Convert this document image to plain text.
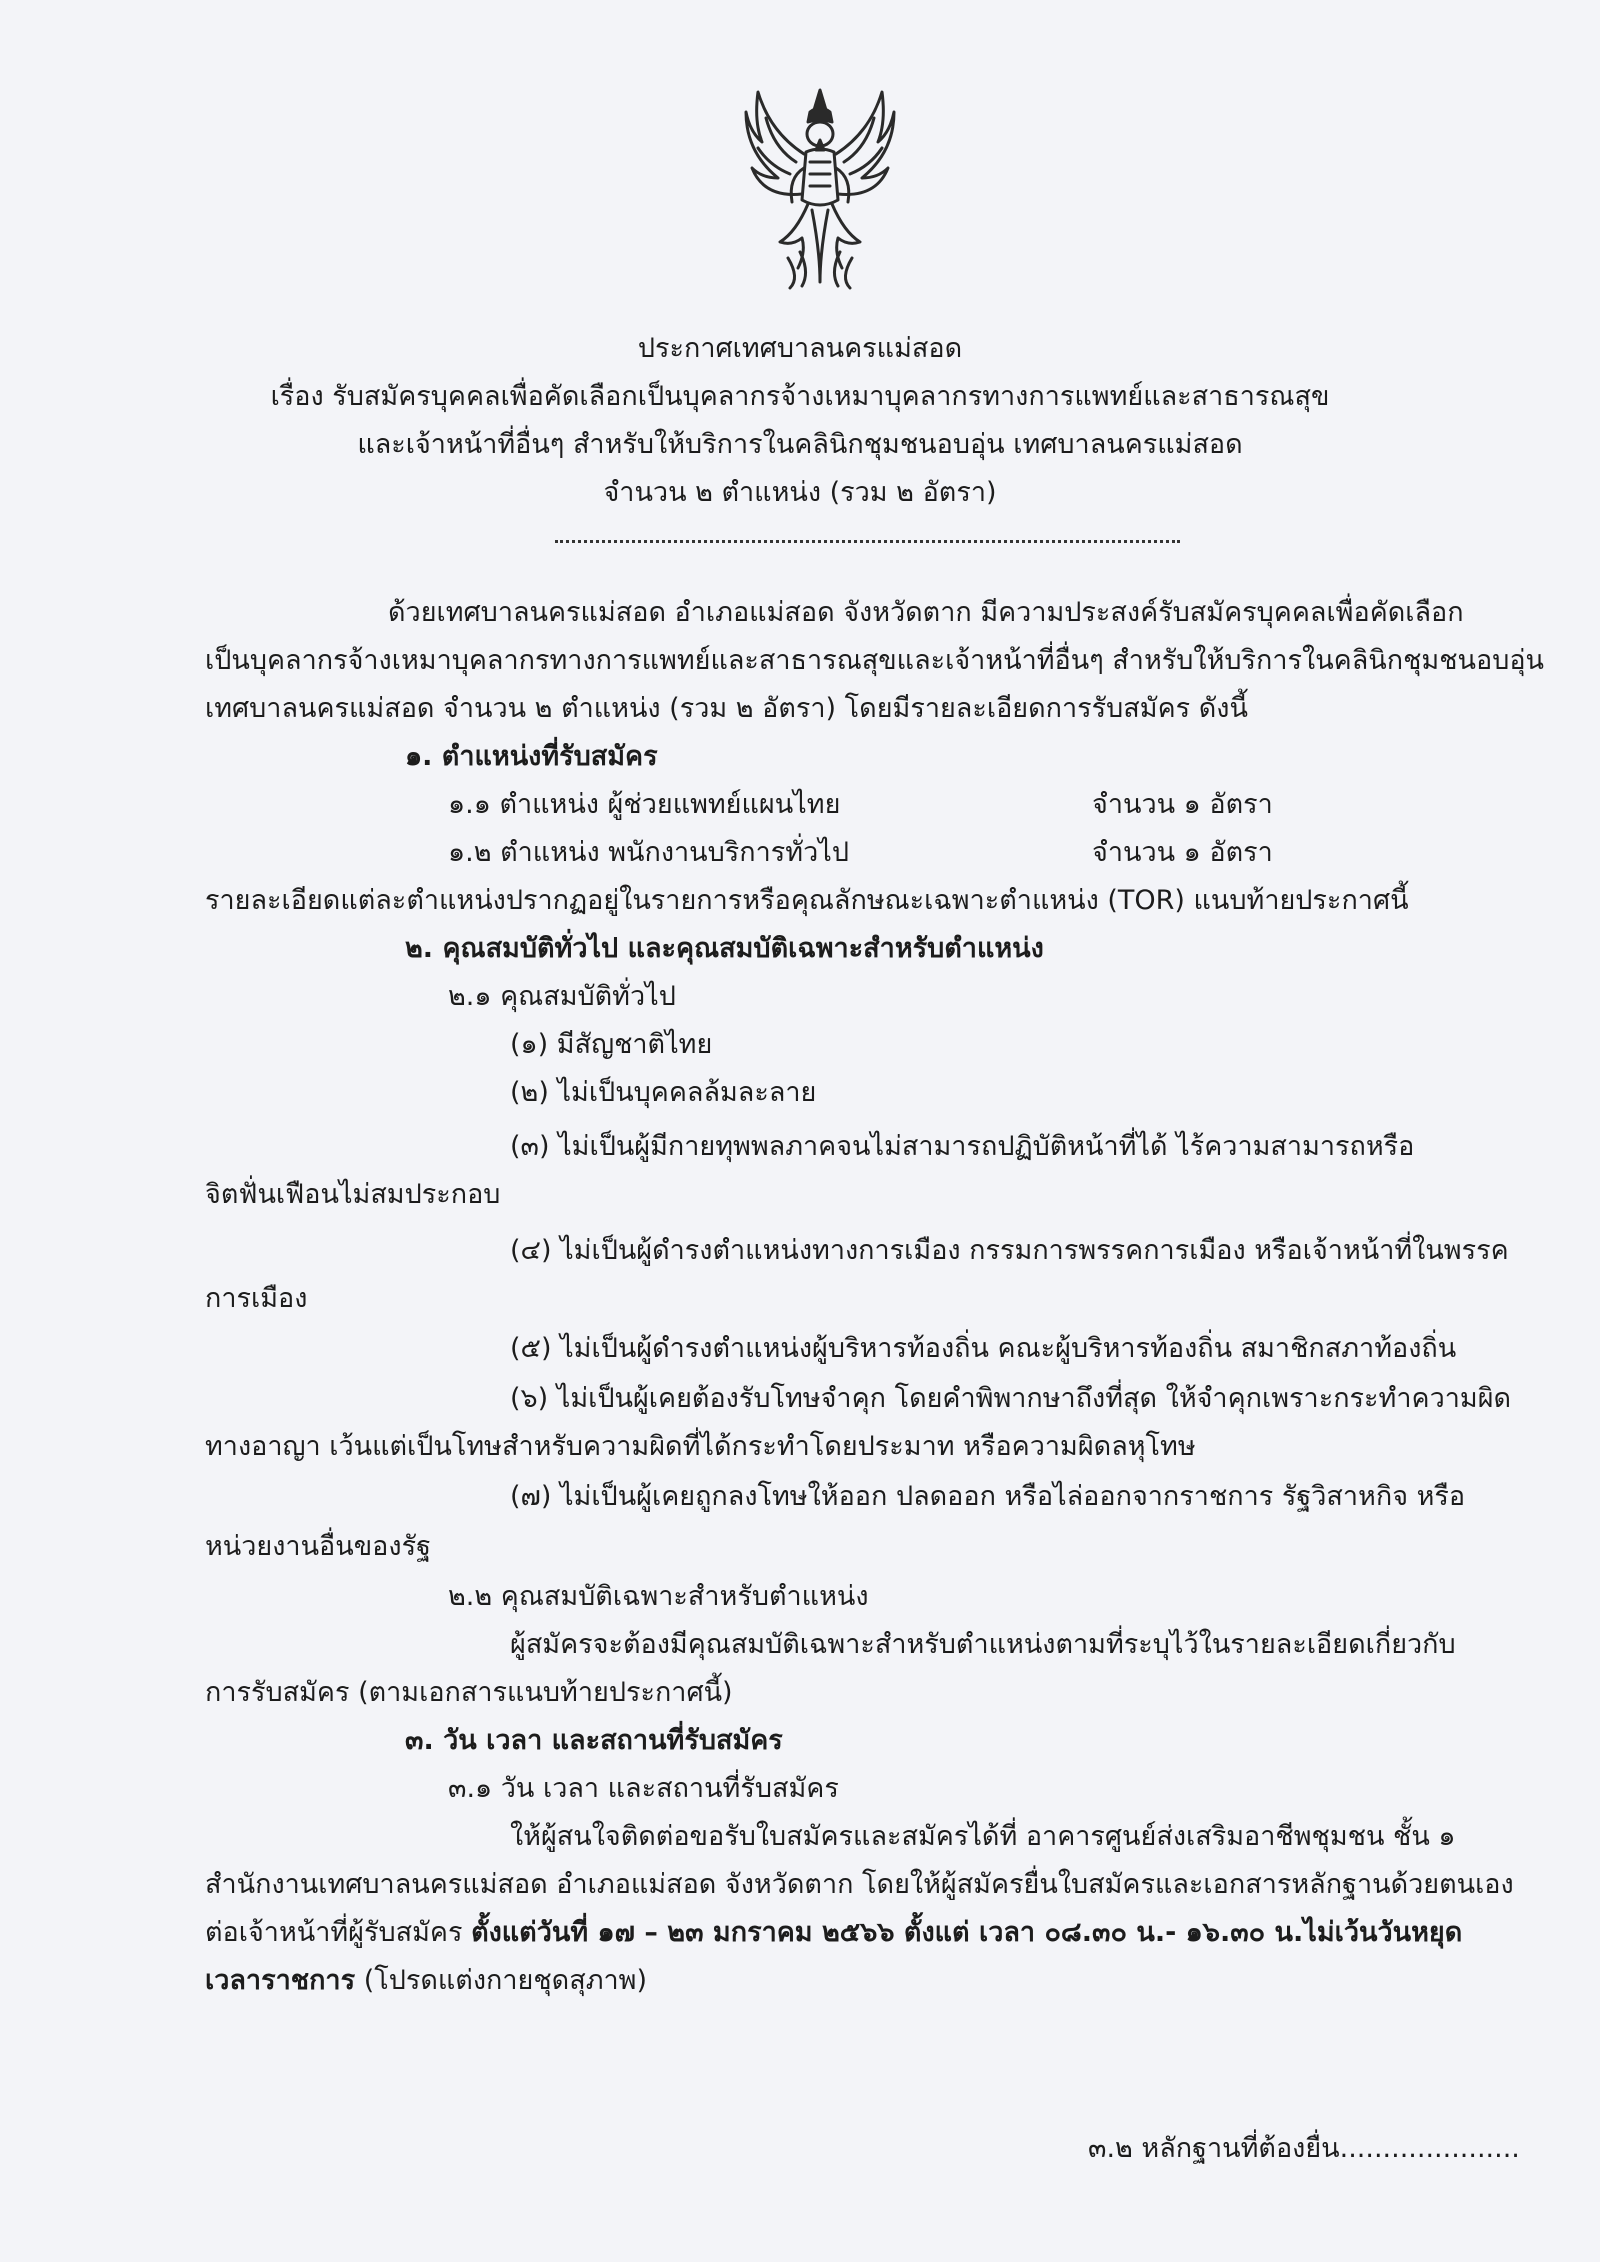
ประกาศเทศบาลนครแม่สอด
เรื่อง รับสมัครบุคคลเพื่อคัดเลือกเป็นบุคลากรจ้างเหมาบุคลากรทางการแพทย์และสาธารณสุข
และเจ้าหน้าที่อื่นๆ สำหรับให้บริการในคลินิกชุมชนอบอุ่น เทศบาลนครแม่สอด
จำนวน ๒ ตำแหน่ง (รวม ๒ อัตรา)
ด้วยเทศบาลนครแม่สอด อำเภอแม่สอด จังหวัดตาก มีความประสงค์รับสมัครบุคคลเพื่อคัดเลือก
เป็นบุคลากรจ้างเหมาบุคลากรทางการแพทย์และสาธารณสุขและเจ้าหน้าที่อื่นๆ สำหรับให้บริการในคลินิกชุมชนอบอุ่น
เทศบาลนครแม่สอด จำนวน ๒ ตำแหน่ง (รวม ๒ อัตรา) โดยมีรายละเอียดการรับสมัคร ดังนี้
๑. ตำแหน่งที่รับสมัคร
๑.๑ ตำแหน่ง ผู้ช่วยแพทย์แผนไทย	จำนวน ๑ อัตรา
๑.๒ ตำแหน่ง พนักงานบริการทั่วไป	จำนวน ๑ อัตรา
รายละเอียดแต่ละตำแหน่งปรากฏอยู่ในรายการหรือคุณลักษณะเฉพาะตำแหน่ง (TOR) แนบท้ายประกาศนี้
๒. คุณสมบัติทั่วไป และคุณสมบัติเฉพาะสำหรับตำแหน่ง
๒.๑ คุณสมบัติทั่วไป
(๑) มีสัญชาติไทย
(๒) ไม่เป็นบุคคลล้มละลาย
(๓) ไม่เป็นผู้มีกายทุพพลภาคจนไม่สามารถปฏิบัติหน้าที่ได้ ไร้ความสามารถหรือ
จิตฟั่นเฟือนไม่สมประกอบ
(๔) ไม่เป็นผู้ดำรงตำแหน่งทางการเมือง กรรมการพรรคการเมือง หรือเจ้าหน้าที่ในพรรค
การเมือง
(๕) ไม่เป็นผู้ดำรงตำแหน่งผู้บริหารท้องถิ่น คณะผู้บริหารท้องถิ่น สมาชิกสภาท้องถิ่น
(๖) ไม่เป็นผู้เคยต้องรับโทษจำคุก โดยคำพิพากษาถึงที่สุด ให้จำคุกเพราะกระทำความผิด
ทางอาญา เว้นแต่เป็นโทษสำหรับความผิดที่ได้กระทำโดยประมาท หรือความผิดลหุโทษ
(๗) ไม่เป็นผู้เคยถูกลงโทษให้ออก ปลดออก หรือไล่ออกจากราชการ รัฐวิสาหกิจ หรือ
หน่วยงานอื่นของรัฐ
๒.๒ คุณสมบัติเฉพาะสำหรับตำแหน่ง
ผู้สมัครจะต้องมีคุณสมบัติเฉพาะสำหรับตำแหน่งตามที่ระบุไว้ในรายละเอียดเกี่ยวกับ
การรับสมัคร (ตามเอกสารแนบท้ายประกาศนี้)
๓. วัน เวลา และสถานที่รับสมัคร
๓.๑ วัน เวลา และสถานที่รับสมัคร
ให้ผู้สนใจติดต่อขอรับใบสมัครและสมัครได้ที่ อาคารศูนย์ส่งเสริมอาชีพชุมชน ชั้น ๑
สำนักงานเทศบาลนครแม่สอด อำเภอแม่สอด จังหวัดตาก โดยให้ผู้สมัครยื่นใบสมัครและเอกสารหลักฐานด้วยตนเอง
ต่อเจ้าหน้าที่ผู้รับสมัคร ตั้งแต่วันที่ ๑๗ – ๒๓ มกราคม ๒๕๖๖ ตั้งแต่ เวลา ๐๘.๓๐ น.- ๑๖.๓๐ น.ไม่เว้นวันหยุด
เวลาราชการ (โปรดแต่งกายชุดสุภาพ)
๓.๒ หลักฐานที่ต้องยื่น.....................
